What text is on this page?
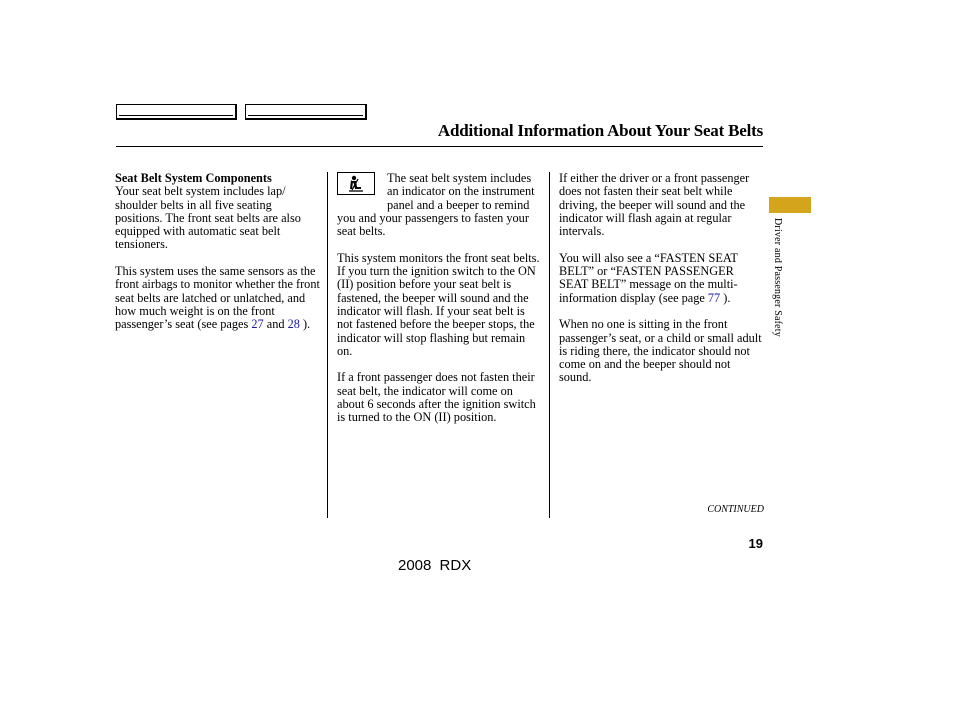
Additional Information About Your Seat Belts

Seat Belt System Components
Your seat belt system includes lap/ shoulder belts in all five seating positions. The front seat belts are also equipped with automatic seat belt tensioners.

This system uses the same sensors as the front airbags to monitor whether the front seat belts are latched or unlatched, and how much weight is on the front passenger’s seat (see pages 27 and 28 ).

The seat belt system includes an indicator on the instrument panel and a beeper to remind you and your passengers to fasten your seat belts.

This system monitors the front seat belts. If you turn the ignition switch to the ON (II) position before your seat belt is fastened, the beeper will sound and the indicator will flash. If your seat belt is not fastened before the beeper stops, the indicator will stop flashing but remain on.

If a front passenger does not fasten their seat belt, the indicator will come on about 6 seconds after the ignition switch is turned to the ON (II) position.

If either the driver or a front passenger does not fasten their seat belt while driving, the beeper will sound and the indicator will flash again at regular intervals.

You will also see a “FASTEN SEAT BELT” or “FASTEN PASSENGER SEAT BELT” message on the multi-information display (see page 77 ).

When no one is sitting in the front passenger’s seat, or a child or small adult is riding there, the indicator should not come on and the beeper should not sound.

Driver and Passenger Safety
CONTINUED
19
2008 RDX
